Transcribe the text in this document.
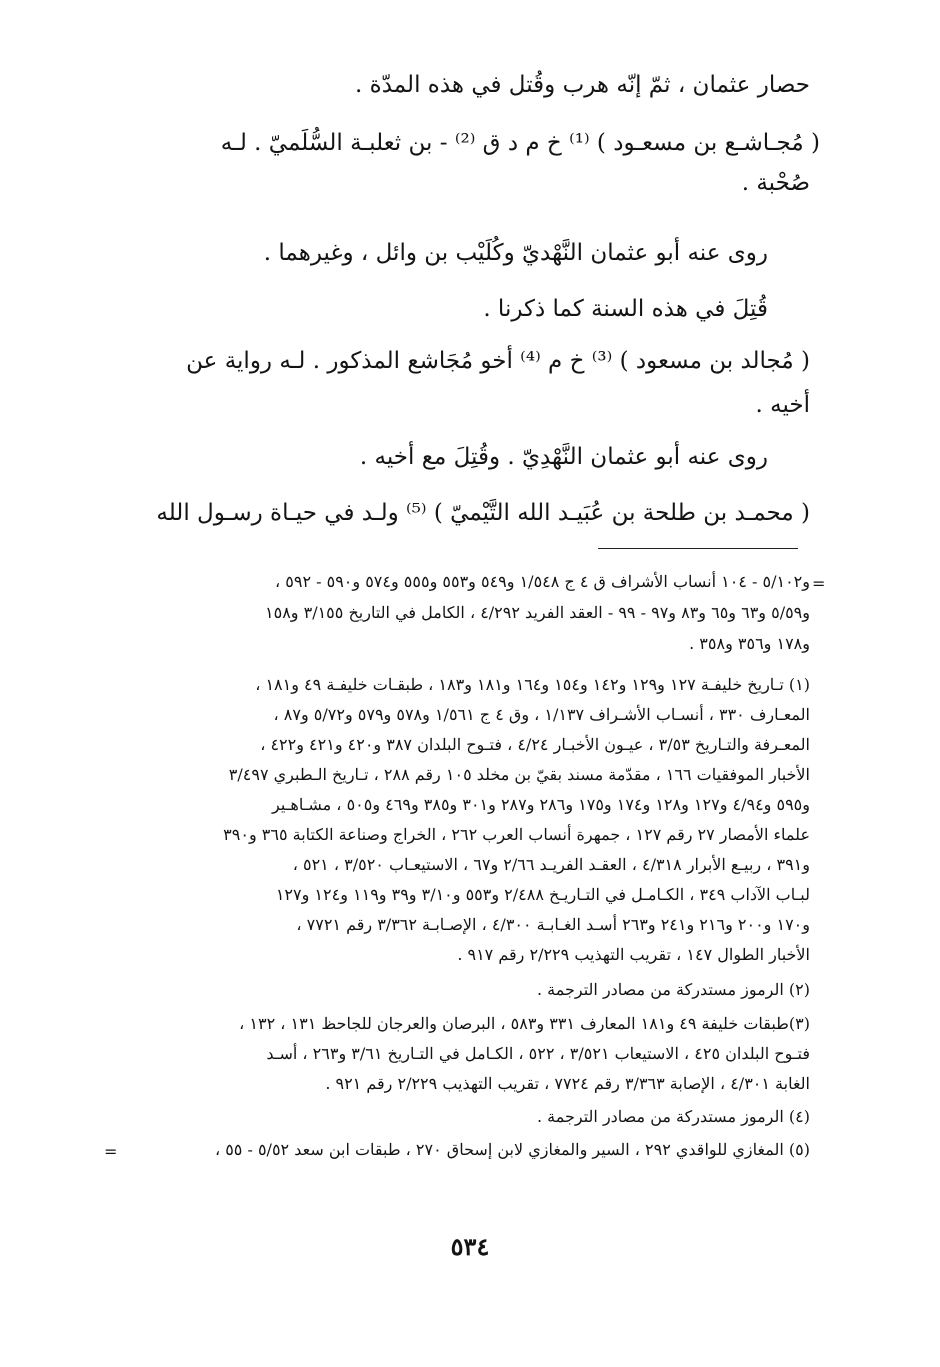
حصار عثمان ، ثمّ إنّه هرب وقُتل في هذه المدّة .
( مُجـاشـع بن مسعـود ) ⁽¹⁾ خ م د ق ⁽²⁾ - بن ثعلبـة السُّلَميّ . لـه
صُحْبة .
روى عنه أبو عثمان النَّهْديّ وكُلَيْب بن وائل ، وغيرهما .
قُتِلَ في هذه السنة كما ذكرنا .
( مُجالد بن مسعود ) ⁽³⁾ خ م ⁽⁴⁾ أخو مُجَاشع المذكور . لـه رواية عن
أخيه .
روى عنه أبو عثمان النَّهْدِيّ . وقُتِلَ مع أخيه .
( محمـد بن طلحة بن عُبَيـد الله التَّيْميّ ) ⁽⁵⁾ ولـد في حيـاة رسـول الله
و٥/١٠٢ - ١٠٤ أنساب الأشراف ق ٤ ج ١/٥٤٨ و٥٤٩ و٥٥٣ و٥٥٥ و٥٧٤ و٥٩٠ - ٥٩٢ ، =
و٥/٥٩ و٦٣ و٦٥ و٨٣ و٩٧ - ٩٩ - العقد الفريد ٤/٢٩٢ ، الكامل في التاريخ ٣/١٥٥ و١٥٨
و١٧٨ و٣٥٦ و٣٥٨ .
(١) تـاريخ خليفـة ١٢٧ و١٢٩ و١٤٢ و١٥٤ و١٦٤ و١٨١ و١٨٣ ، طبقـات خليفـة ٤٩ و١٨١ ،
المعـارف ٣٣٠ ، أنسـاب الأشـراف ١/١٣٧ ، وق ٤ ج ١/٥٦١ و٥٧٨ و٥٧٩ و٥/٧٢ و٨٧ ،
المعـرفة والتـاريخ ٣/٥٣ ، عيـون الأخبـار ٤/٢٤ ، فتـوح البلدان ٣٨٧ و٤٢٠ و٤٢١ و٤٢٢ ،
الأخبار الموفقيات ١٦٦ ، مقدّمة مسند بقيّ بن مخلد ١٠٥ رقم ٢٨٨ ، تـاريخ الـطبري ٣/٤٩٧
و٥٩٥ و٤/٩٤ و١٢٧ و١٢٨ و١٧٤ و١٧٥ و٢٨٦ و٢٨٧ و٣٠١ و٣٨٥ و٤٦٩ و٥٠٥ ، مشـاهـير
علماء الأمصار ٢٧ رقم ١٢٧ ، جمهرة أنساب العرب ٢٦٢ ، الخراج وصناعة الكتابة ٣٦٥ و٣٩٠
و٣٩١ ، ربيـع الأبرار ٤/٣١٨ ، العقـد الفريـد ٢/٦٦ و٦٧ ، الاستيعـاب ٣/٥٢٠ ، ٥٢١ ،
لبـاب الآداب ٣٤٩ ، الكـامـل في التـاريـخ ٢/٤٨٨ و٥٥٣ و٣/١٠ و٣٩ و١١٩ و١٢٤ و١٢٧
و١٧٠ و٢٠٠ و٢١٦ و٢٤١ و٢٦٣ أسـد الغـابـة ٤/٣٠٠ ، الإصـابـة ٣/٣٦٢ رقم ٧٧٢١ ،
الأخبار الطوال ١٤٧ ، تقريب التهذيب ٢/٢٢٩ رقم ٩١٧ .
(٢) الرموز مستدركة من مصادر الترجمة .
(٣)طبقات خليفة ٤٩ و١٨١ المعارف ٣٣١ و٥٨٣ ، البرصان والعرجان للجاحظ ١٣١ ، ١٣٢ ،
فتـوح البلدان ٤٢٥ ، الاستيعاب ٣/٥٢١ ، ٥٢٢ ، الكـامل في التـاريخ ٣/٦١ و٢٦٣ ، أسـد
الغابة ٤/٣٠١ ، الإصابة ٣/٣٦٣ رقم ٧٧٢٤ ، تقريب التهذيب ٢/٢٢٩ رقم ٩٢١ .
(٤) الرموز مستدركة من مصادر الترجمة .
(٥) المغازي للواقدي ٢٩٢ ، السير والمغازي لابن إسحاق ٢٧٠ ، طبقات ابن سعد ٥/٥٢ - ٥٥ ،
=
٥٣٤
